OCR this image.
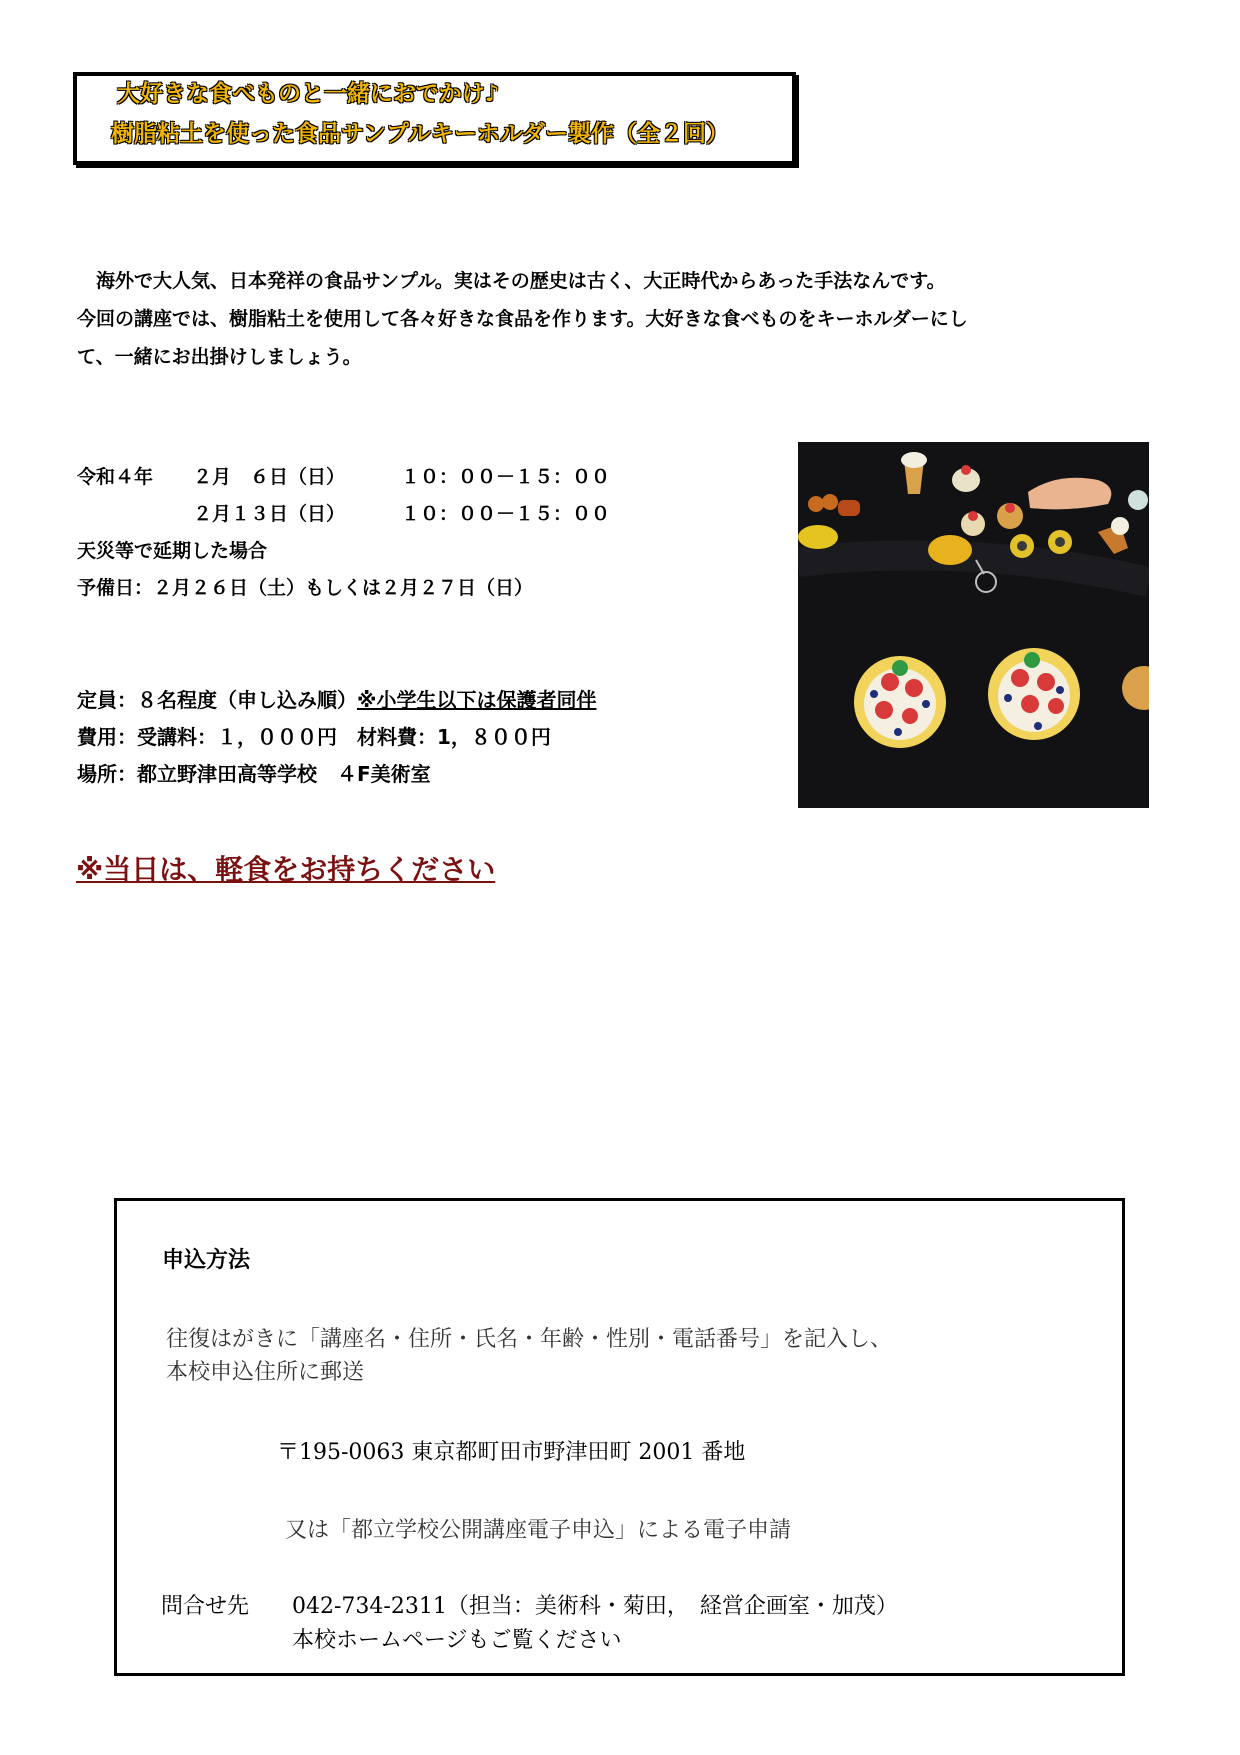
大好きな食べものと一緒におでかけ♪
樹脂粘土を使った食品サンプルキーホルダー製作（全２回）

　海外で大人気、日本発祥の食品サンプル。実はその歴史は古く、大正時代からあった手法なんです。

今回の講座では、樹脂粘土を使用して各々好きな食品を作ります。大好きな食べものをキーホルダーにし

て、一緒にお出掛けしましょう。

令和４年 ２月　６日（日）	１０：００－１５：００
２月１３日（日）	１０：００－１５：００
天災等で延期した場合
予備日：２月２６日（土）もしくは２月２７日（日）
定員：８名程度（申し込み順）※小学生以下は保護者同伴
費用：受講料：１，０００円　材料費：1，８００円
場所：都立野津田高等学校　４F美術室
※当日は、軽食をお持ちください
申込方法
往復はがきに「講座名・住所・氏名・年齢・性別・電話番号」を記入し、
本校申込住所に郵送
〒195-0063 東京都町田市野津田町 2001 番地
又は「都立学校公開講座電子申込」による電子申請
問合せ先 042-734-2311（担当：美術科・菊田，　経営企画室・加茂）
本校ホームページもご覧ください
